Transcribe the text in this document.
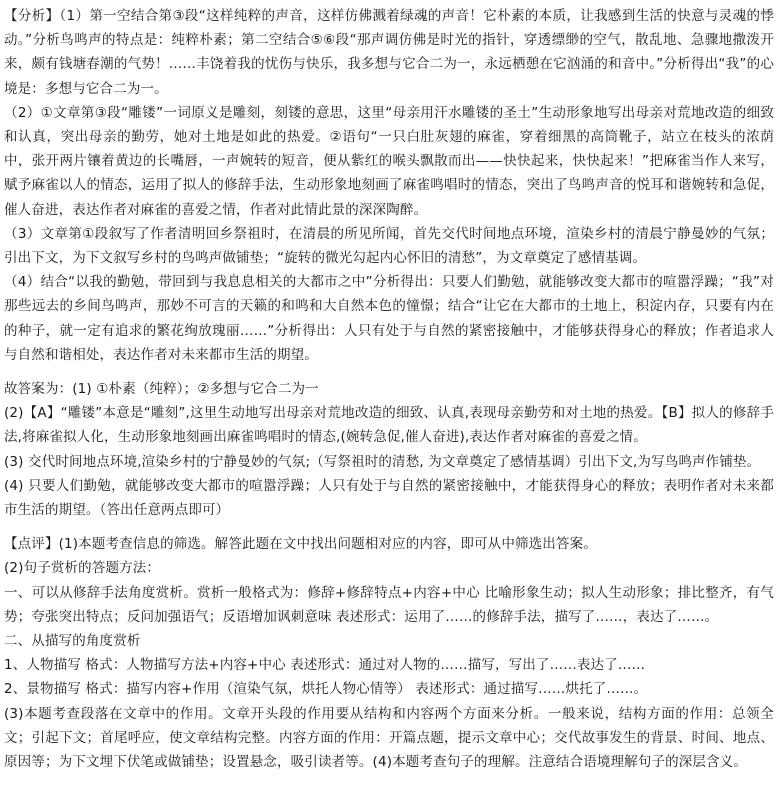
【分析】（1）第一空结合第③段“这样纯粹的声音，这样仿佛溅着绿魂的声音！它朴素的本质，让我感到生活的快意与灵魂的悸动。”分析鸟鸣声的特点是：纯粹朴素；第二空结合⑤⑥段“那声调仿佛是时光的指针，穿透缥缈的空气，散乱地、急骤地撒泼开来，颇有钱塘春潮的气势！……丰饶着我的忧伤与快乐，我多想与它合二为一，永远栖憩在它汹涌的和音中。”分析得出“我”的心境是：多想与它合二为一。

（2）①文章第③段“雕镂”一词原义是雕刻，刻镂的意思，这里“母亲用汗水雕镂的圣土”生动形象地写出母亲对荒地改造的细致和认真，突出母亲的勤劳，她对土地是如此的热爱。②语句“一只白肚灰翅的麻雀，穿着细黑的高筒靴子，站立在枝头的浓荫中，张开两片镶着黄边的长嘴唇，一声婉转的短音，便从紫红的喉头飘散而出——快快起来，快快起来！”把麻雀当作人来写，赋予麻雀以人的情态，运用了拟人的修辞手法，生动形象地刻画了麻雀鸣唱时的情态，突出了鸟鸣声音的悦耳和谐婉转和急促，催人奋进，表达作者对麻雀的喜爱之情，作者对此情此景的深深陶醉。

（3）文章第①段叙写了作者清明回乡祭祖时，在清晨的所见所闻，首先交代时间地点环境，渲染乡村的清晨宁静曼妙的气氛；引出下文，为下文叙写乡村的鸟鸣声做铺垫；“旋转的微光勾起内心怀旧的清愁”，为文章奠定了感情基调。

（4）结合“以我的勤勉，带回到与我息息相关的大都市之中”分析得出：只要人们勤勉，就能够改变大都市的喧嚣浮躁；“我”对那些远去的乡间鸟鸣声，那妙不可言的天籁的和鸣和大自然本色的憧憬；结合“让它在大都市的土地上，积淀内存，只要有内在的种子，就一定有追求的繁花绚放瑰丽……”分析得出：人只有处于与自然的紧密接触中，才能够获得身心的释放；作者追求人与自然和谐相处，表达作者对未来都市生活的期望。

故答案为：(1) ①朴素（纯粹）；②多想与它合二为一

(2)【A】“雕镂”本意是“雕刻”,这里生动地写出母亲对荒地改造的细致、认真,表现母亲勤劳和对土地的热爱。【B】拟人的修辞手法,将麻雀拟人化，生动形象地刻画出麻雀鸣唱时的情态,(婉转急促,催人奋进),表达作者对麻雀的喜爱之情。

(3) 交代时间地点环境,渲染乡村的宁静曼妙的气氛;（写祭祖时的清愁, 为文章奠定了感情基调）引出下文,为写鸟鸣声作铺垫。

(4) 只要人们勤勉，就能够改变大都市的喧嚣浮躁；人只有处于与自然的紧密接触中，才能获得身心的释放；表明作者对未来都市生活的期望。（答出任意两点即可）

【点评】(1)本题考查信息的筛选。解答此题在文中找出问题相对应的内容，即可从中筛选出答案。

(2)句子赏析的答题方法：

一、可以从修辞手法角度赏析。赏析一般格式为：修辞+修辞特点+内容+中心 比喻形象生动；拟人生动形象；排比整齐，有气势；夸张突出特点；反问加强语气；反语增加讽刺意味 表述形式：运用了……的修辞手法，描写了……，表达了……。

二、从描写的角度赏析

1、人物描写 格式：人物描写方法+内容+中心 表述形式：通过对人物的……描写，写出了……表达了……

2、景物描写 格式：描写内容+作用（渲染气氛，烘托人物心情等） 表述形式：通过描写……烘托了……。

(3)本题考查段落在文章中的作用。文章开头段的作用要从结构和内容两个方面来分析。一般来说，结构方面的作用：总领全文；引起下文；首尾呼应，使文章结构完整。内容方面的作用：开篇点题，提示文章中心；交代故事发生的背景、时间、地点、原因等；为下文埋下伏笔或做铺垫；设置悬念，吸引读者等。(4)本题考查句子的理解。注意结合语境理解句子的深层含义。
